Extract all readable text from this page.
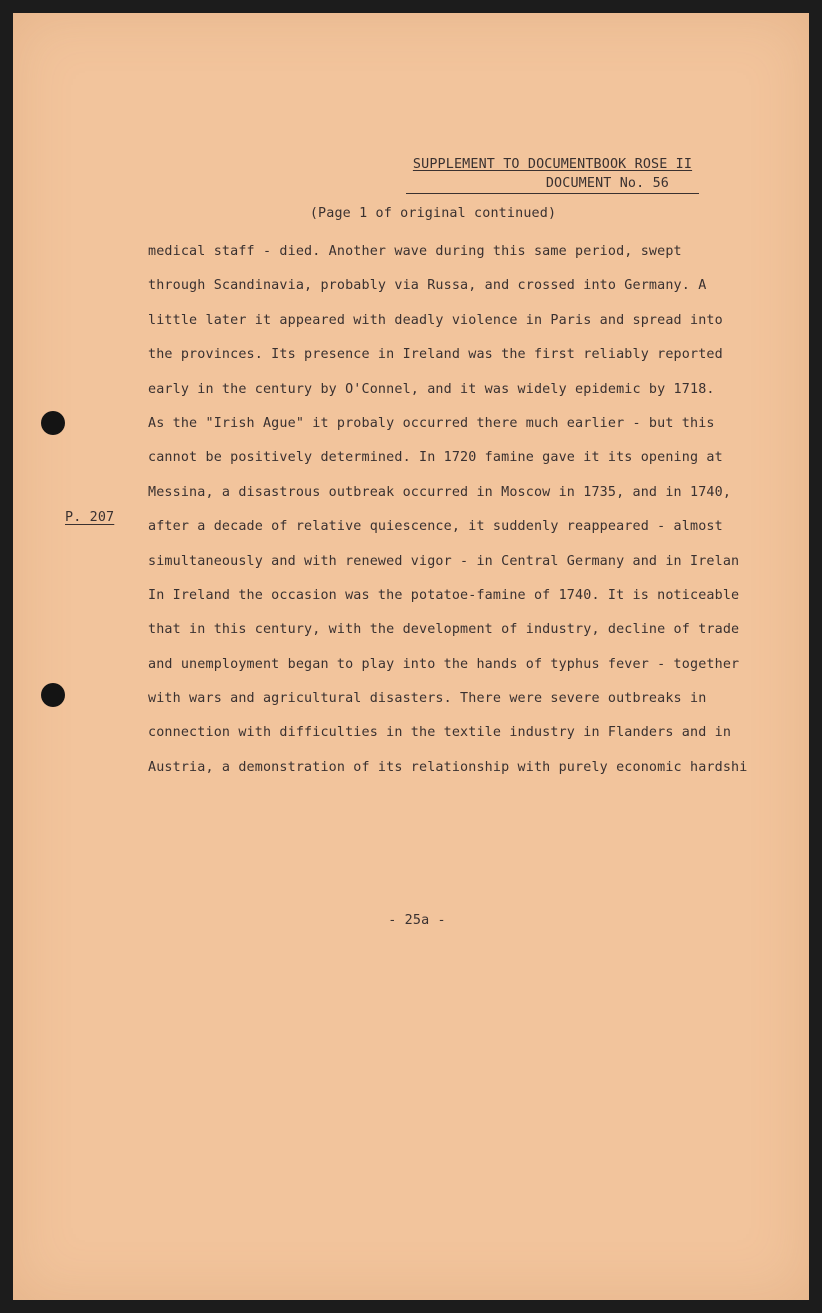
SUPPLEMENT TO DOCUMENTBOOK ROSE II
DOCUMENT No. 56
(Page 1 of original continued)
P. 207
medical staff - died. Another wave during this same period, swept
through Scandinavia, probably via Russa, and crossed into Germany. A
little later it appeared with deadly violence in Paris and spread into
the provinces. Its presence in Ireland was the first reliably reported
early in the century by O'Connel, and it was widely epidemic by 1718.
As the "Irish Ague" it probaly occurred there much earlier - but this
cannot be positively determined. In 1720 famine gave it its opening at
Messina, a disastrous outbreak occurred in Moscow in 1735, and in 1740,
after a decade of relative quiescence, it suddenly reappeared - almost
simultaneously and with renewed vigor - in Central Germany and in Irelan
In Ireland the occasion was the potatoe-famine of 1740. It is noticeable
that in this century, with the development of industry, decline of trade
and unemployment began to play into the hands of typhus fever - together
with wars and agricultural disasters. There were severe outbreaks in
connection with difficulties in the textile industry in Flanders and in
Austria, a demonstration of its relationship with purely economic hardshi
- 25a -
